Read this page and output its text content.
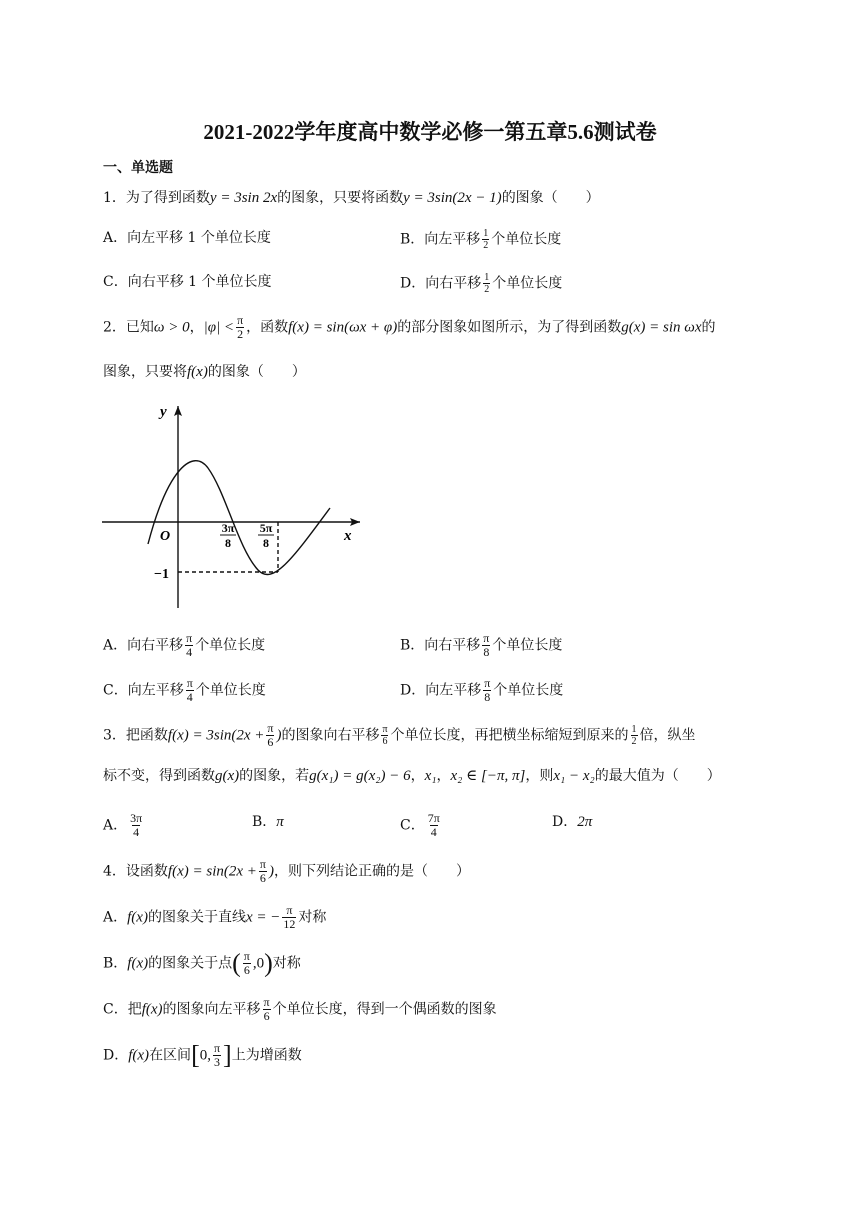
2021-2022学年度高中数学必修一第五章5.6测试卷
一、单选题
1．为了得到函数y = 3sin 2x的图象，只要将函数y = 3sin(2x − 1)的图象（　　）
A．向左平移 1 个单位长度	B．向左平移 $\frac{1}{2}$ 个单位长度
C．向右平移 1 个单位长度	D．向右平移 $\frac{1}{2}$ 个单位长度
2．已知ω > 0，$|\varphi| < \frac{\pi}{2}$ ，函数f(x) = sin(ωx + φ)的部分图象如图所示，为了得到函数g(x) = sin ωx的
图象，只要将f(x)的图象（　　）
y
x
O
3π
8
5π
8
−1
A．向右平移 $\frac{\pi}{4}$ 个单位长度	B．向右平移 $\frac{\pi}{8}$ 个单位长度
C．向左平移 $\frac{\pi}{4}$ 个单位长度	D．向左平移 $\frac{\pi}{8}$ 个单位长度
3．把函数$f(x) = 3\sin(2x + \frac{\pi}{6}$ )的图象向右平移 $\frac{\pi}{6}$ 个单位长度，再把横坐标缩短到原来的 $\frac{1}{2}$ 倍，纵坐
标不变，得到函数g(x)的图象，若g(x₁) = g(x₂) − 6，x₁，x₂ ∈ [−π, π]，则x₁ − x₂的最大值为（　　）
A． $\frac{3\pi}{4}$	B．π	C． $\frac{7\pi}{4}$	D．2π
4．设函数$f(x) = \sin(2x + \frac{\pi}{6}$ )，则下列结论正确的是（　　）
A．f(x)的图象关于直线x = − $\frac{\pi}{12}$ 对称
B．f(x)的图象关于点( $\frac{\pi}{6} ,0$)对称
C．把f(x)的图象向左平移 $\frac{\pi}{6}$ 个单位长度，得到一个偶函数的图象
D．f(x)在区间[0, $\frac{\pi}{3}$ ]上为增函数
